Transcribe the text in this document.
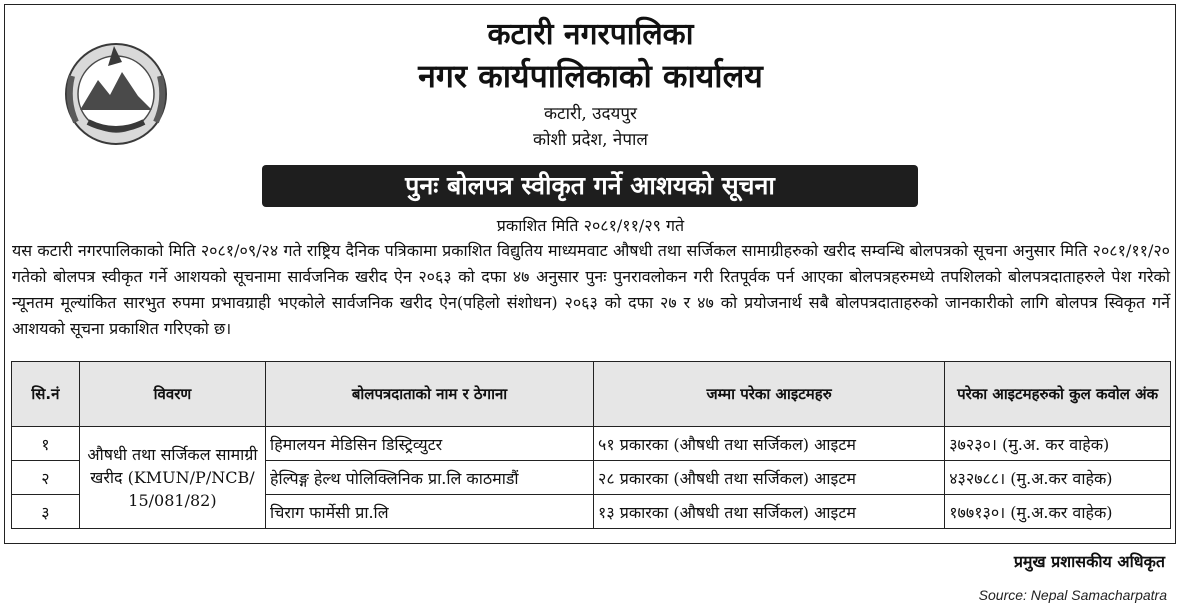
कटारी नगरपालिका
नगर कार्यपालिकाको कार्यालय
कटारी, उदयपुर
कोशी प्रदेश, नेपाल
पुनः बोलपत्र स्वीकृत गर्ने आशयको सूचना
प्रकाशित मिति २०८१/११/२९ गते
यस कटारी नगरपालिकाको मिति २०८१/०९/२४ गते राष्ट्रिय दैनिक पत्रिकामा प्रकाशित विद्युतिय माध्यमवाट औषधी तथा सर्जिकल सामाग्रीहरुको खरीद सम्वन्धि बोलपत्रको सूचना अनुसार मिति २०८१/११/२० गतेको बोलपत्र स्वीकृत गर्ने आशयको सूचनामा सार्वजनिक खरीद ऐन २०६३ को दफा ४७ अनुसार पुनः पुनरावलोकन गरी रितपूर्वक पर्न आएका बोलपत्रहरुमध्ये तपशिलको बोलपत्रदाताहरुले पेश गरेको न्यूनतम मूल्यांकित सारभुत रुपमा प्रभावग्राही भएकोले सार्वजनिक खरीद ऐन(पहिलो संशोधन) २०६३ को दफा २७ र ४७ को प्रयोजनार्थ सबै बोलपत्रदाताहरुको जानकारीको लागि बोलपत्र स्विकृत गर्ने आशयको सूचना प्रकाशित गरिएको छ।
सि.नं	विवरण	बोलपत्रदाताको नाम र ठेगाना	जम्मा परेका आइटमहरु	परेका आइटमहरुको कुल कवोल अंक
१	औषधी तथा सर्जिकल सामाग्री खरीद (KMUN/P/NCB/ 15/081/82)	हिमालयन मेडिसिन डिस्ट्रिव्युटर	५१ प्रकारका (औषधी तथा सर्जिकल) आइटम	३७२३०। (मु.अ. कर वाहेक)
२		हेल्पिङ्ग हेल्थ पोलिक्लिनिक प्रा.लि काठमाडौं	२८ प्रकारका (औषधी तथा सर्जिकल) आइटम	४३२७८८। (मु.अ.कर वाहेक)
३		चिराग फार्मेसी प्रा.लि	१३ प्रकारका (औषधी तथा सर्जिकल) आइटम	१७७१३०। (मु.अ.कर वाहेक)
प्रमुख प्रशासकीय अधिकृत
Source: Nepal Samacharpatra
